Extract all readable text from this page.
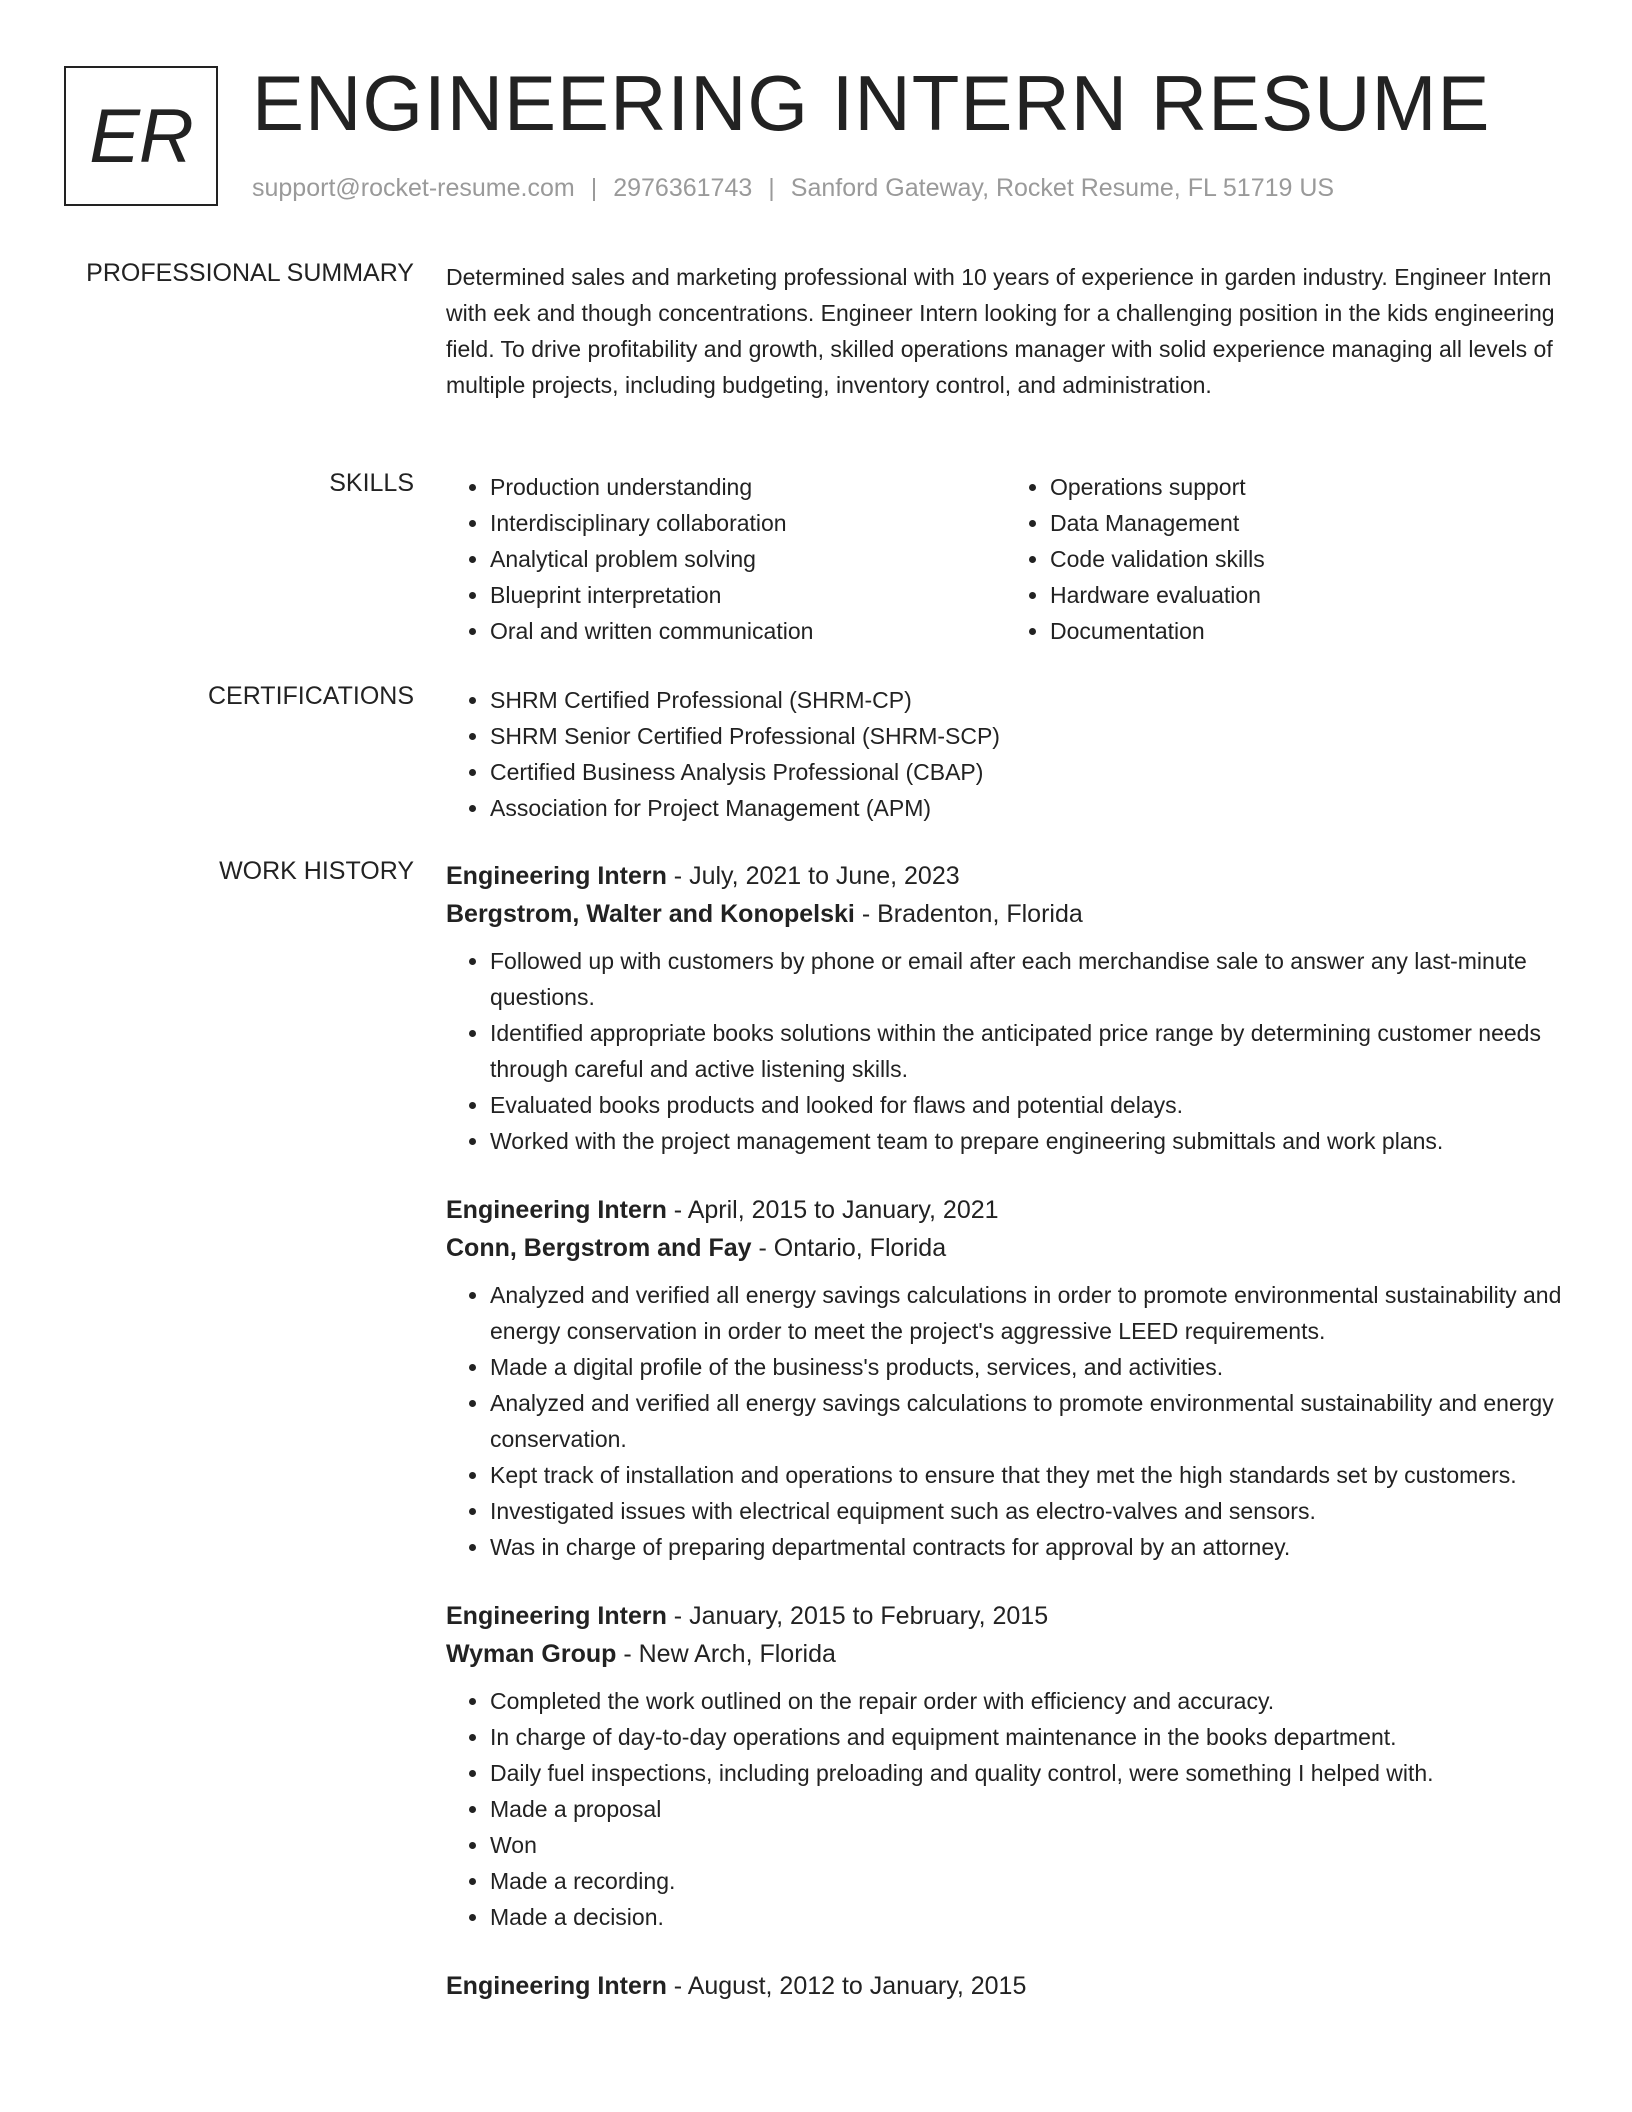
ER ENGINEERING INTERN RESUME
support@rocket-resume.com | 2976361743 | Sanford Gateway, Rocket Resume, FL 51719 US
PROFESSIONAL SUMMARY Determined sales and marketing professional with 10 years of experience in garden industry. Engineer Intern with eek and though concentrations. Engineer Intern looking for a challenging position in the kids engineering field. To drive profitability and growth, skilled operations manager with solid experience managing all levels of multiple projects, including budgeting, inventory control, and administration.
SKILLS	• Production understanding
• Interdisciplinary collaboration
• Analytical problem solving
• Blueprint interpretation
• Oral and written communication
• Operations support
• Data Management
• Code validation skills
• Hardware evaluation
• Documentation
CERTIFICATIONS	• SHRM Certified Professional (SHRM-CP)
• SHRM Senior Certified Professional (SHRM-SCP)
• Certified Business Analysis Professional (CBAP)
• Association for Project Management (APM)
WORK HISTORY Engineering Intern - July, 2021 to June, 2023
Bergstrom, Walter and Konopelski - Bradenton, Florida
• Followed up with customers by phone or email after each merchandise sale to answer any last-minute questions.
• Identified appropriate books solutions within the anticipated price range by determining customer needs through careful and active listening skills.
• Evaluated books products and looked for flaws and potential delays.
• Worked with the project management team to prepare engineering submittals and work plans.
Engineering Intern - April, 2015 to January, 2021
Conn, Bergstrom and Fay - Ontario, Florida
• Analyzed and verified all energy savings calculations in order to promote environmental sustainability and energy conservation in order to meet the project's aggressive LEED requirements.
• Made a digital profile of the business's products, services, and activities.
• Analyzed and verified all energy savings calculations to promote environmental sustainability and energy conservation.
• Kept track of installation and operations to ensure that they met the high standards set by customers.
• Investigated issues with electrical equipment such as electro-valves and sensors.
• Was in charge of preparing departmental contracts for approval by an attorney.
Engineering Intern - January, 2015 to February, 2015
Wyman Group - New Arch, Florida
• Completed the work outlined on the repair order with efficiency and accuracy.
• In charge of day-to-day operations and equipment maintenance in the books department.
• Daily fuel inspections, including preloading and quality control, were something I helped with.
• Made a proposal
• Won
• Made a recording.
• Made a decision.
Engineering Intern - August, 2012 to January, 2015
